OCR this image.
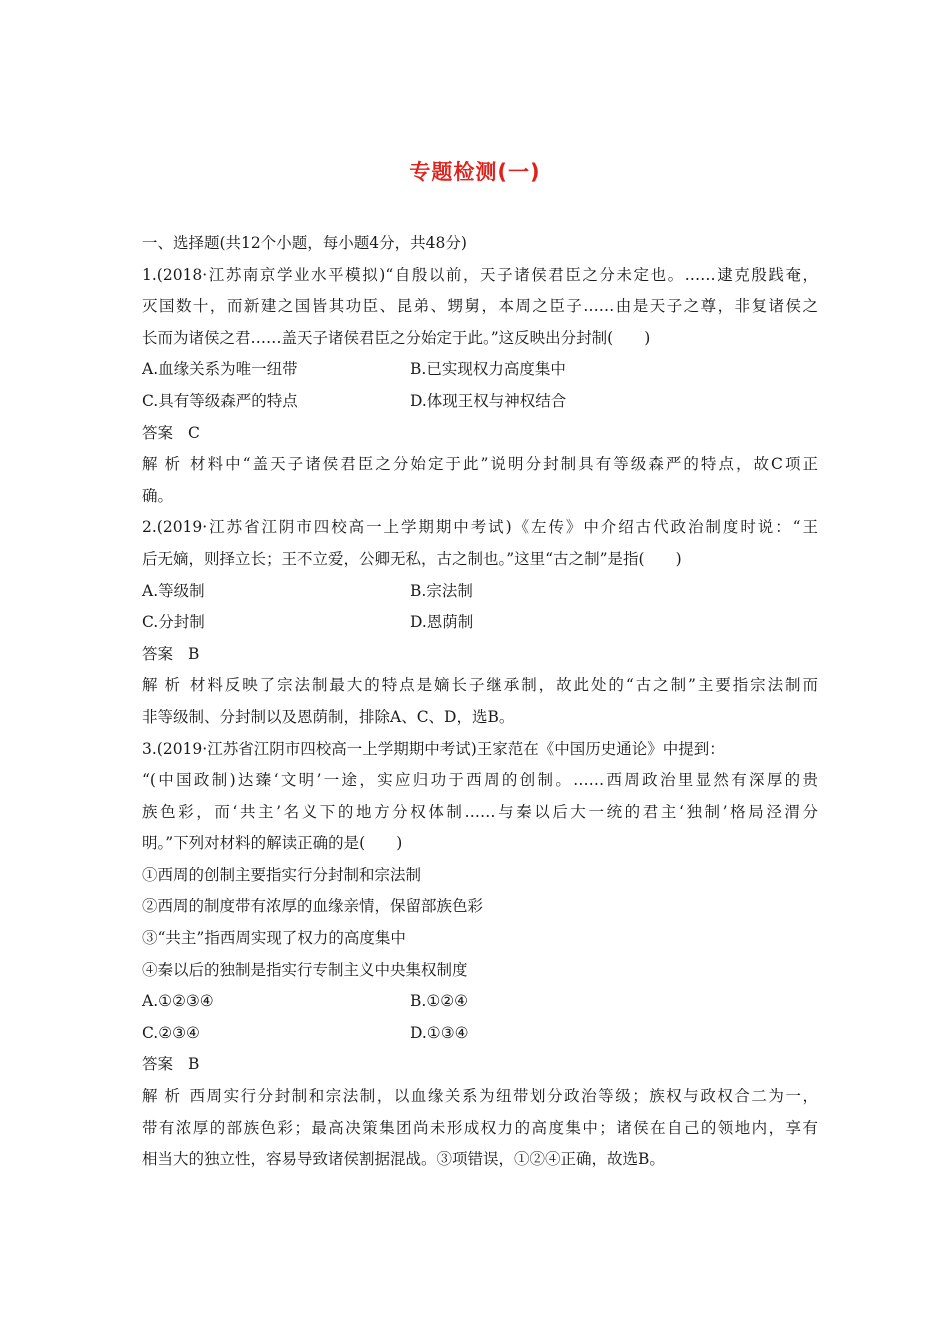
专题检测(一)
一、选择题(共12个小题，每小题4分，共48分)
1.(2018·江苏南京学业水平模拟)“自殷以前，天子诸侯君臣之分未定也。……逮克殷践奄，
灭国数十，而新建之国皆其功臣、昆弟、甥舅，本周之臣子……由是天子之尊，非复诸侯之
长而为诸侯之君……盖天子诸侯君臣之分始定于此。”这反映出分封制(　　)
A.血缘关系为唯一纽带	B.已实现权力高度集中
C.具有等级森严的特点	D.体现王权与神权结合
答案 C
解析 材料中“盖天子诸侯君臣之分始定于此”说明分封制具有等级森严的特点，故C项正
确。
2.(2019·江苏省江阴市四校高一上学期期中考试)《左传》中介绍古代政治制度时说：“王
后无嫡，则择立长；王不立爱，公卿无私，古之制也。”这里“古之制”是指(　　)
A.等级制	B.宗法制
C.分封制	D.恩荫制
答案 B
解析 材料反映了宗法制最大的特点是嫡长子继承制，故此处的“古之制”主要指宗法制而
非等级制、分封制以及恩荫制，排除A、C、D，选B。
3.(2019·江苏省江阴市四校高一上学期期中考试)王家范在《中国历史通论》中提到：
“(中国政制)达臻‘文明’一途，实应归功于西周的创制。……西周政治里显然有深厚的贵
族色彩，而‘共主’名义下的地方分权体制……与秦以后大一统的君主‘独制’格局泾渭分
明。”下列对材料的解读正确的是(　　)
①西周的创制主要指实行分封制和宗法制
②西周的制度带有浓厚的血缘亲情，保留部族色彩
③“共主”指西周实现了权力的高度集中
④秦以后的独制是指实行专制主义中央集权制度
A.①②③④	B.①②④
C.②③④	D.①③④
答案 B
解析 西周实行分封制和宗法制，以血缘关系为纽带划分政治等级；族权与政权合二为一，
带有浓厚的部族色彩；最高决策集团尚未形成权力的高度集中；诸侯在自己的领地内，享有
相当大的独立性，容易导致诸侯割据混战。③项错误，①②④正确，故选B。
